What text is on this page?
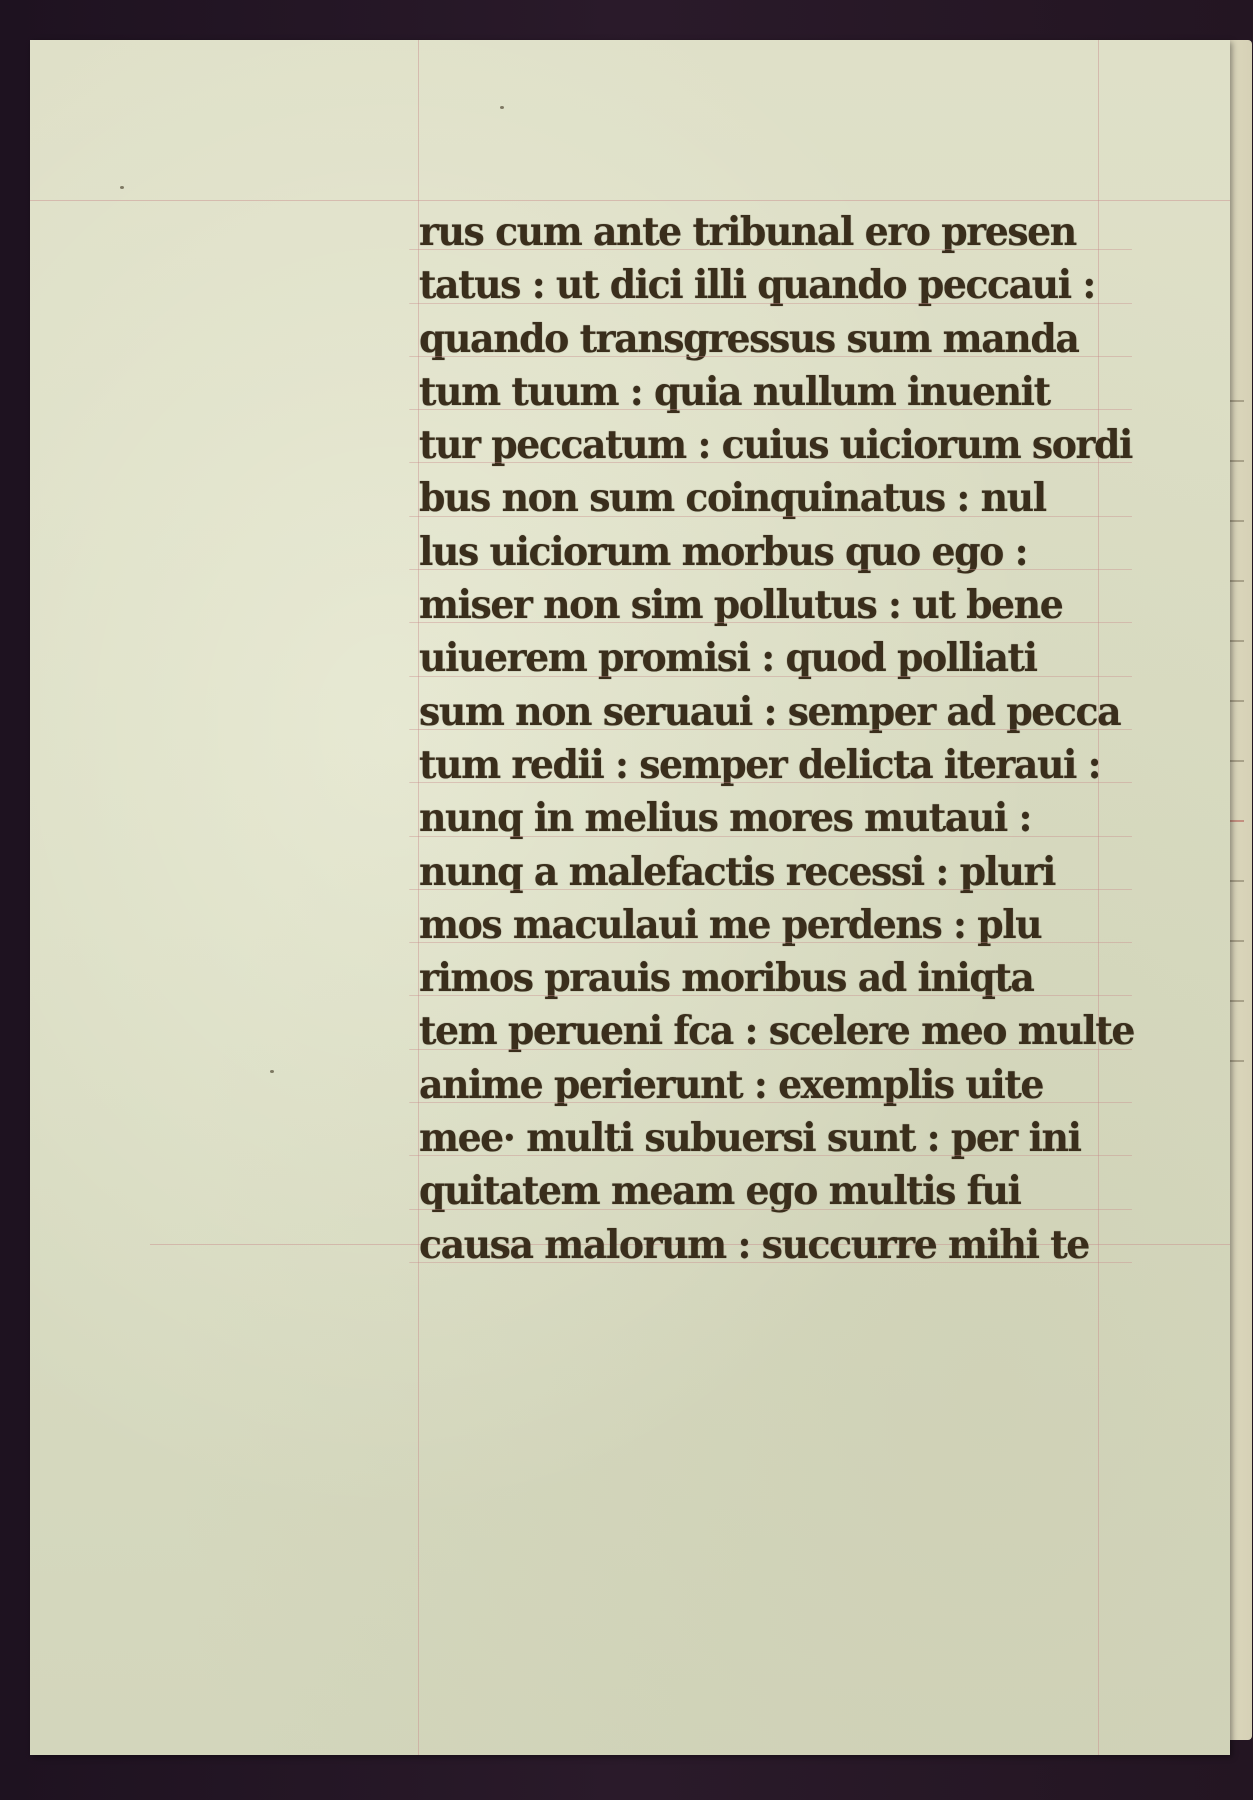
rus cum ante tribunal ero presen
tatus : ut dici illi quando peccaui :
quando transgressus sum manda
tum tuum : quia nullum inuenit
tur peccatum : cuius uiciorum sordi
bus non sum coinquinatus : nul
lus uiciorum morbus quo ego :
miser non sim pollutus : ut bene
uiuerem promisi : quod polliati
sum non seruaui : semper ad pecca
tum redii : semper delicta iteraui :
nunq in melius mores mutaui :
nunq a malefactis recessi : pluri
mos maculaui me perdens : plu
rimos prauis moribus ad iniqta
tem perueni fca : scelere meo multe
anime perierunt : exemplis uite
mee· multi subuersi sunt : per ini
quitatem meam ego multis fui
causa malorum : succurre mihi te
